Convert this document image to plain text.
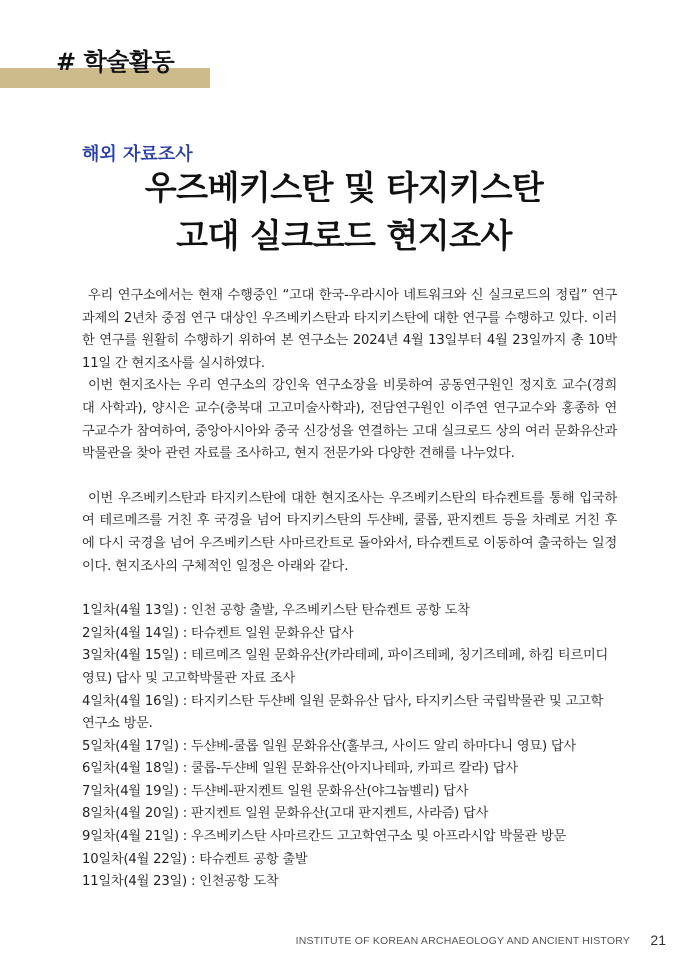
# 학술활동
해외 자료조사
우즈베키스탄 및 타지키스탄
고대 실크로드 현지조사

우리 연구소에서는 현재 수행중인 “고대 한국-우라시아 네트워크와 신 실크로드의 정립” 연구과제의 2년차 중점 연구 대상인 우즈베키스탄과 타지키스탄에 대한 연구를 수행하고 있다. 이러한 연구를 원활히 수행하기 위하여 본 연구소는 2024년 4월 13일부터 4월 23일까지 총 10박 11일 간 현지조사를 실시하였다.

이번 현지조사는 우리 연구소의 강인욱 연구소장을 비롯하여 공동연구원인 정지호 교수(경희대 사학과), 양시은 교수(충북대 고고미술사학과), 전담연구원인 이주연 연구교수와 홍종하 연구교수가 참여하여, 중앙아시아와 중국 신강성을 연결하는 고대 실크로드 상의 여러 문화유산과 박물관을 찾아 관련 자료를 조사하고, 현지 전문가와 다양한 견해를 나누었다.

이번 우즈베키스탄과 타지키스탄에 대한 현지조사는 우즈베키스탄의 타슈켄트를 통해 입국하여 테르메즈를 거친 후 국경을 넘어 타지키스탄의 두샨베, 쿨롭, 판지켄트 등을 차례로 거친 후에 다시 국경을 넘어 우즈베키스탄 사마르칸트로 돌아와서, 타슈켄트로 이동하여 출국하는 일정이다. 현지조사의 구체적인 일정은 아래와 같다.

1일차(4월 13일) : 인천 공항 출발, 우즈베키스탄 탄슈켄트 공항 도착
2일차(4월 14일) : 타슈켄트 일원 문화유산 답사
3일차(4월 15일) : 테르메즈 일원 문화유산(카라테페, 파이즈테페, 칭기즈테페, 하킴 티르미디 영묘) 답사 및 고고학박물관 자료 조사
4일차(4월 16일) : 타지키스탄 두샨베 일원 문화유산 답사, 타지키스탄 국립박물관 및 고고학 연구소 방문.
5일차(4월 17일) : 두샨베-쿨롭 일원 문화유산(훌부크, 사이드 알리 하마다니 영묘) 답사
6일차(4월 18일) : 쿨롭-두샨베 일원 문화유산(아지나테파, 카피르 칼라) 답사
7일차(4월 19일) : 두샨베-판지켄트 일원 문화유산(야그놉벨리) 답사
8일차(4월 20일) : 판지켄트 일원 문화유산(고대 판지켄트, 사라즘) 답사
9일차(4월 21일) : 우즈베키스탄 사마르칸드 고고학연구소 및 아프라시압 박물관 방문
10일차(4월 22일) : 타슈켄트 공항 출발
11일차(4월 23일) : 인천공항 도착
INSTITUTE OF KOREAN ARCHAEOLOGY AND ANCIENT HISTORY 21
